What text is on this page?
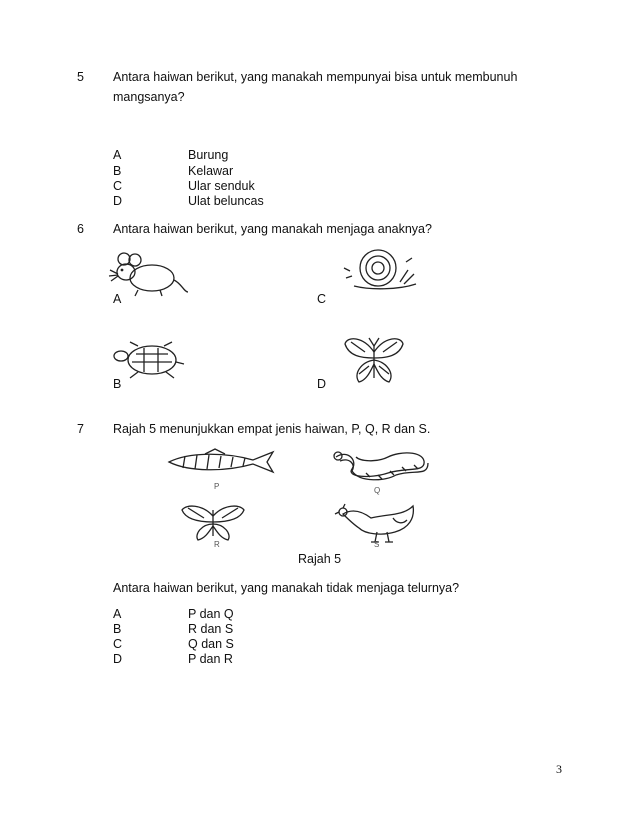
5 Antara haiwan berikut, yang manakah mempunyai bisa untuk membunuh
mangsanya?
A	Burung
B	Kelawar
C	Ular senduk
D	Ulat beluncas
6 Antara haiwan berikut, yang manakah menjaga anaknya?
A	C
B	D
7 Rajah 5 menunjukkan empat jenis haiwan, P, Q, R dan S.
P	Q
R	S
Rajah 5
Antara haiwan berikut, yang manakah tidak menjaga telurnya?
A	P dan Q
B	R dan S
C	Q dan S
D	P dan R
3
